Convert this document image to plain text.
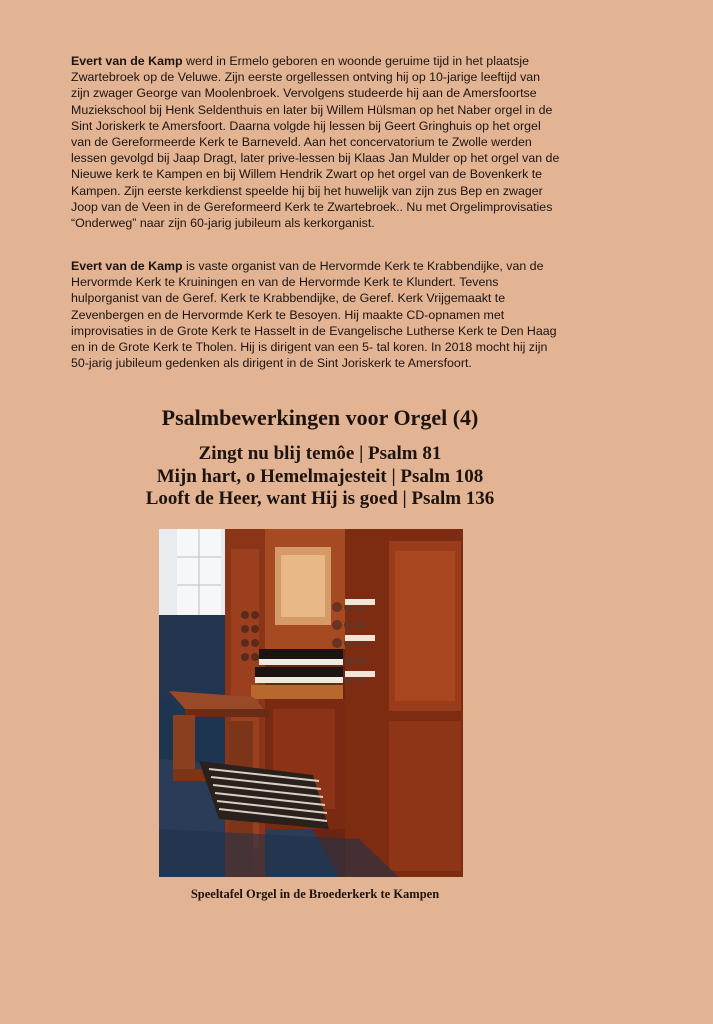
Evert van de Kamp werd in Ermelo geboren en woonde geruime tijd in het plaatsje Zwartebroek op de Veluwe. Zijn eerste orgellessen ontving hij op 10-jarige leeftijd van zijn zwager George van Moolenbroek. Vervolgens studeerde hij aan de Amersfoortse Muziekschool bij Henk Seldenthuis en later bij Willem Hülsman op het Naber orgel in de Sint Joriskerk te Amersfoort. Daarna volgde hij lessen bij Geert Gringhuis op het orgel van de Gereformeerde Kerk te Barneveld. Aan het concervatorium te Zwolle werden lessen gevolgd bij Jaap Dragt, later prive-lessen bij Klaas Jan Mulder op het orgel van de Nieuwe kerk te Kampen en bij Willem Hendrik Zwart op het orgel van de Bovenkerk te Kampen. Zijn eerste kerkdienst speelde hij bij het huwelijk van zijn zus Bep en zwager Joop van de Veen in de Gereformeerd Kerk te Zwartebroek.. Nu met Orgelimprovisaties “Onderweg” naar zijn 60-jarig jubileum als kerkorganist.

Evert van de Kamp is vaste organist van de Hervormde Kerk te Krabbendijke, van de Hervormde Kerk te Kruiningen en van de Hervormde Kerk te Klundert. Tevens hulporganist van de Geref. Kerk te Krabbendijke, de Geref. Kerk Vrijgemaakt te Zevenbergen en de Hervormde Kerk te Besoyen. Hij maakte CD-opnamen met improvisaties in de Grote Kerk te Hasselt in de Evangelische Lutherse Kerk te Den Haag en in de Grote Kerk te Tholen. Hij is dirigent van een 5- tal koren. In 2018 mocht hij zijn 50-jarig jubileum gedenken als dirigent in de Sint Joriskerk te Amersfoort.

Psalmbewerkingen voor Orgel (4)
Zingt nu blij temôe | Psalm 81
Mijn hart, o Hemelmajesteit | Psalm 108
Looft de Heer, want Hij is goed | Psalm 136
Speeltafel Orgel in de Broederkerk te Kampen
